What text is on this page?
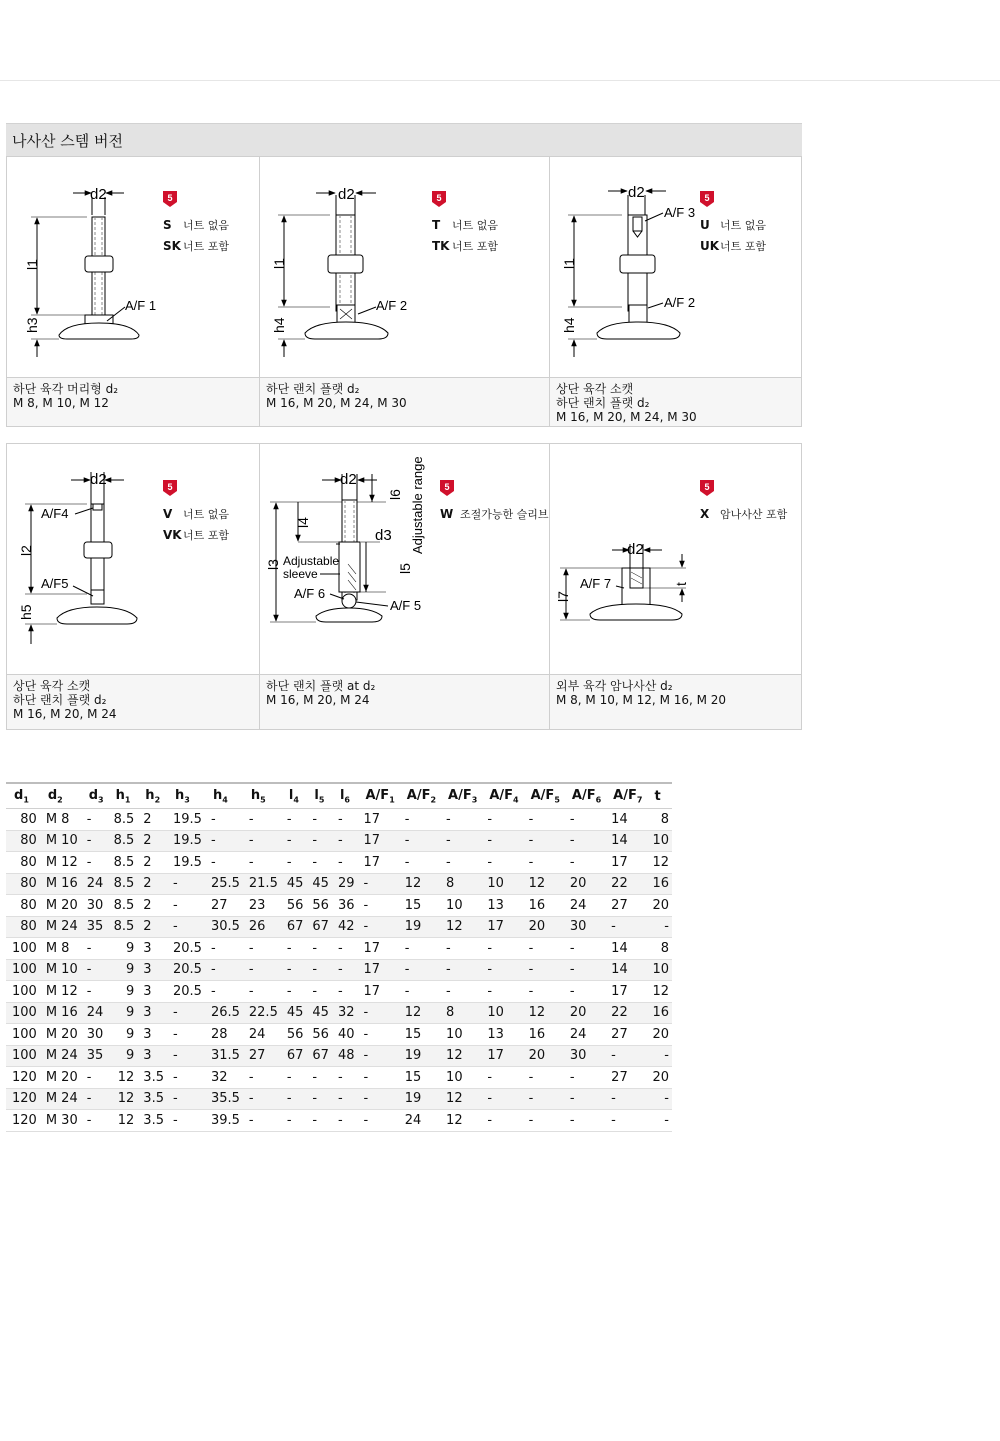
나사산 스템 버전
d2
l1
h3
A/F 1
5
S 너트 없음
SK 너트 포함
하단 육각 머리형 d₂
M 8, M 10, M 12
d2
l1
h4
A/F 2
5
T 너트 없음
TK 너트 포함
하단 랜치 플랫 d₂
M 16, M 20, M 24, M 30
d2
l1
h4
A/F 3
A/F 2
5
U 너트 없음
UK너트 포함
상단 육각 소캣
하단 랜치 플랫 d₂
M 16, M 20, M 24, M 30
d2
l2
h5
A/F4
A/F5
5
V 너트 없음
VK너트 포함
상단 육각 소캣
하단 랜치 플랫 d₂
M 16, M 20, M 24
d2
l3
l4
l6
l5
d3 Adjustable range
Adjustable
sleeve
A/F 6
A/F 5
5
W 조절가능한 슬리브
하단 랜치 플랫 at d₂
M 16, M 20, M 24
d2
l7
t
A/F 7
5
X 암나사산 포함
외부 육각 암나사산 d₂
M 8, M 10, M 12, M 16, M 20
$d_1$	$d_2$	$d_3$	$h_1$	$h_2$	$h_3$	$h_4$	$h_5$	$l_4$	$l_5$	$l_6$	$A/F_1$	$A/F_2$	$A/F_3$	$A/F_4$	$A/F_5$	$A/F_6$	$A/F_7$	t
80	M 8	-	8.5	2	19.5	-	-	-	-	-	17	-	-	-	-	-	14	8
80	M 10	-	8.5	2	19.5	-	-	-	-	-	17	-	-	-	-	-	14	10
80	M 12	-	8.5	2	19.5	-	-	-	-	-	17	-	-	-	-	-	17	12
80	M 16	24	8.5	2	-	25.5	21.5	45	45	29	-	12	8	10	12	20	22	16
80	M 20	30	8.5	2	-	27	23	56	56	36	-	15	10	13	16	24	27	20
80	M 24	35	8.5	2	-	30.5	26	67	67	42	-	19	12	17	20	30	-	-
100	M 8	-	9	3	20.5	-	-	-	-	-	17	-	-	-	-	-	14	8
100	M 10	-	9	3	20.5	-	-	-	-	-	17	-	-	-	-	-	14	10
100	M 12	-	9	3	20.5	-	-	-	-	-	17	-	-	-	-	-	17	12
100	M 16	24	9	3	-	26.5	22.5	45	45	32	-	12	8	10	12	20	22	16
100	M 20	30	9	3	-	28	24	56	56	40	-	15	10	13	16	24	27	20
100	M 24	35	9	3	-	31.5	27	67	67	48	-	19	12	17	20	30	-	-
120	M 20	-	12	3.5	-	32	-	-	-	-	-	15	10	-	-	-	27	20
120	M 24	-	12	3.5	-	35.5	-	-	-	-	-	19	12	-	-	-	-	-
120	M 30	-	12	3.5	-	39.5	-	-	-	-	-	24	12	-	-	-	-	-
